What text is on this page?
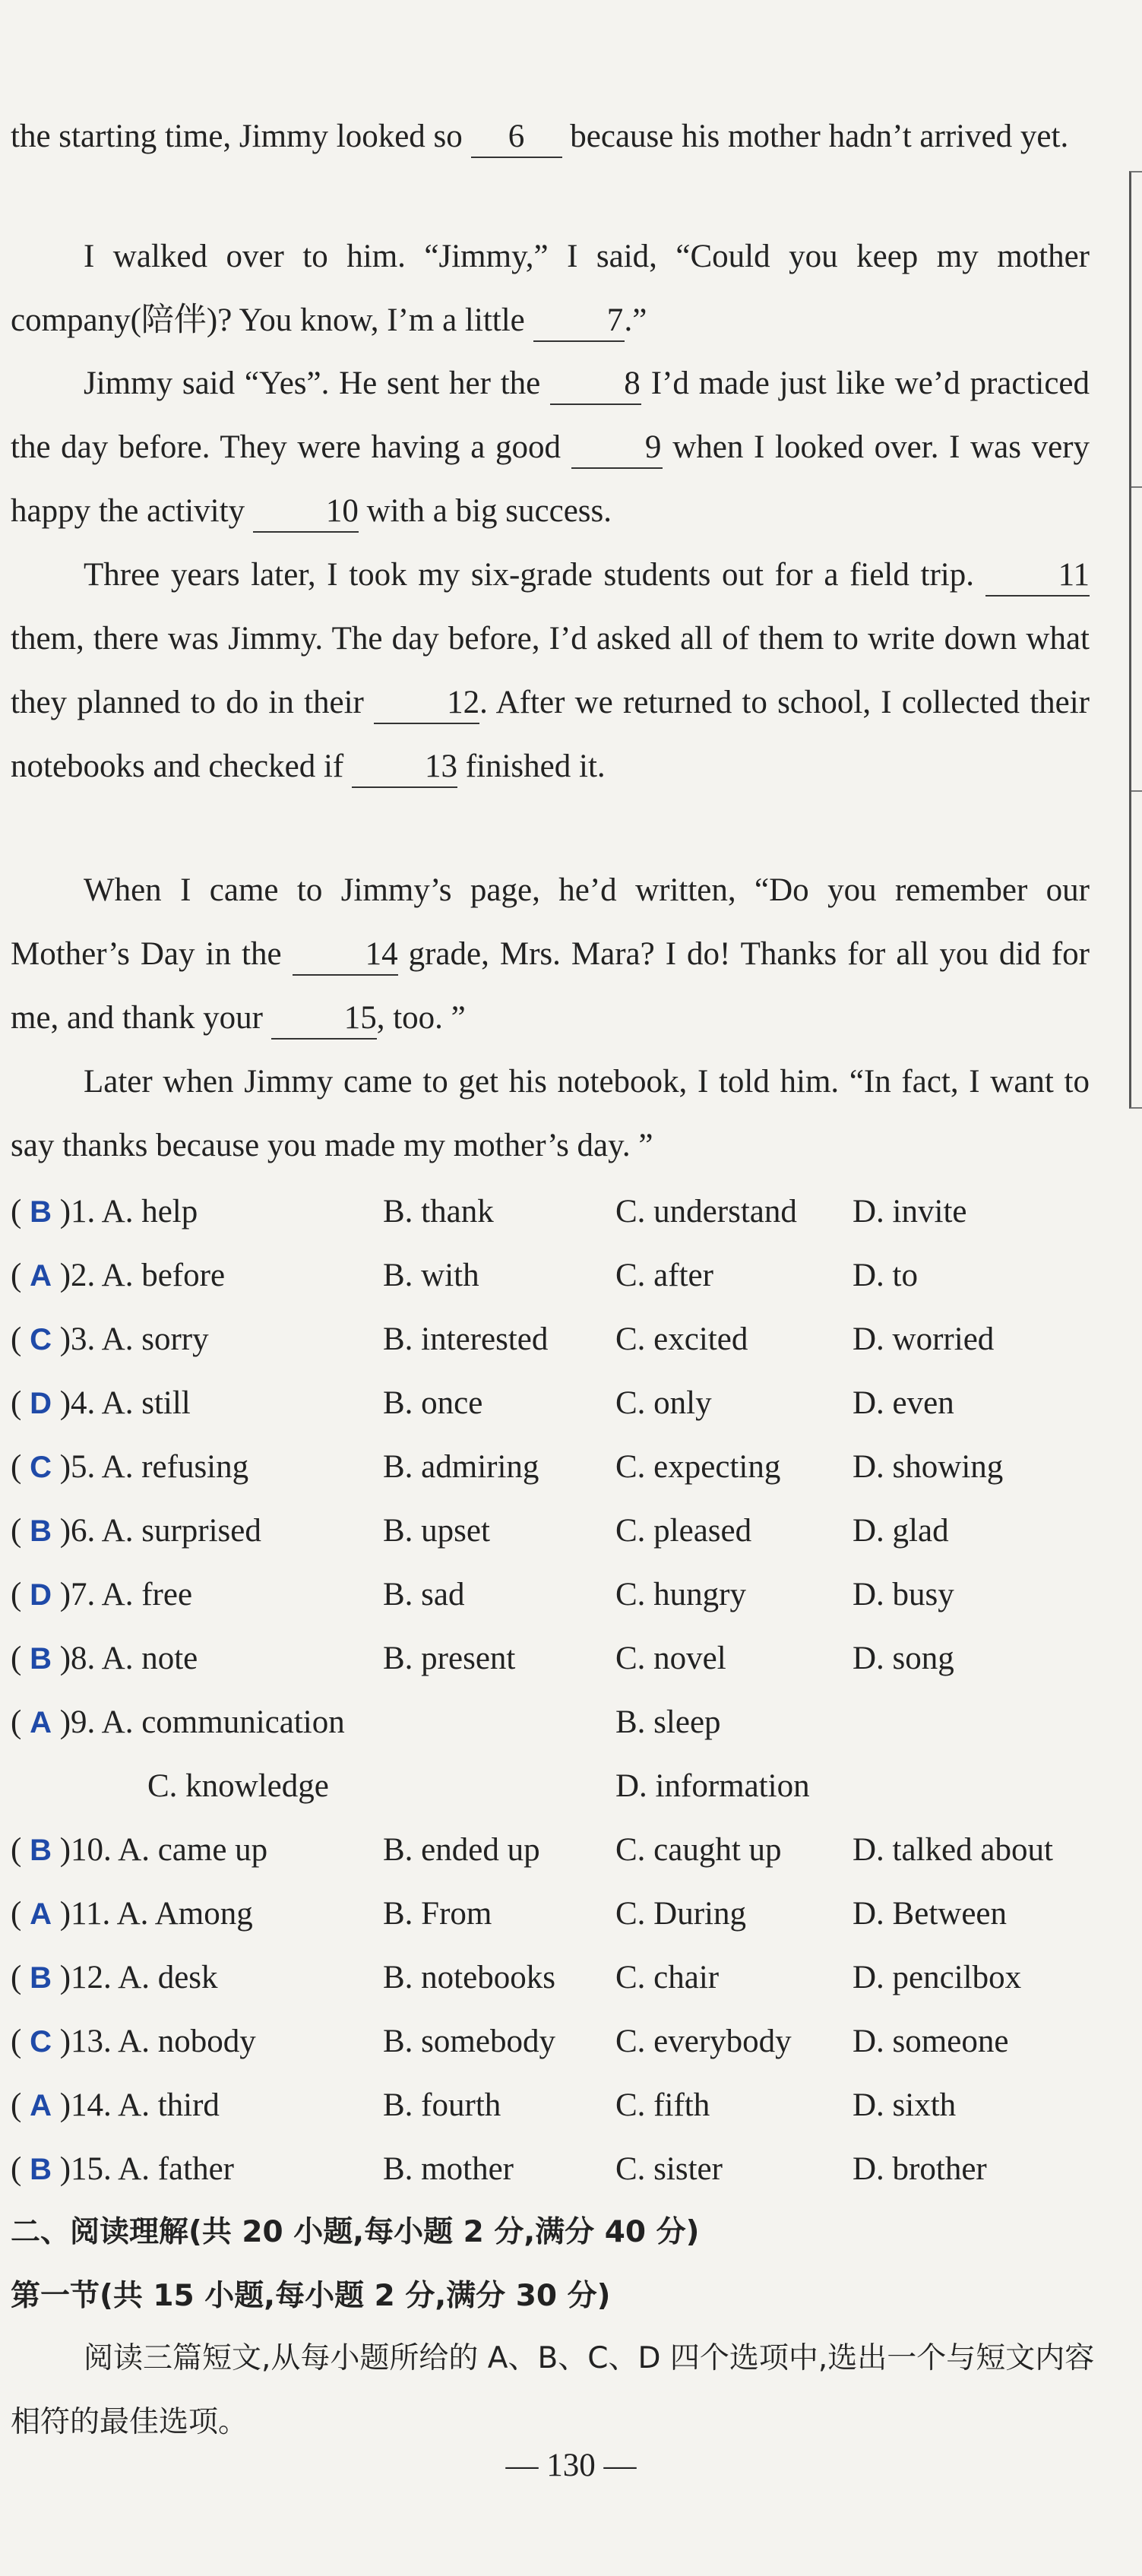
the starting time, Jimmy looked so 6 because his mother hadn’t arrived yet.
I walked over to him. “Jimmy,” I said, “Could you keep my mother company(陪伴)? You know, I’m a little 7.”
Jimmy said “Yes”. He sent her the 8 I’d made just like we’d practiced the day before. They were having a good 9 when I looked over. I was very happy the activity 10 with a big success.
Three years later, I took my six-grade students out for a field trip. 11 them, there was Jimmy. The day before, I’d asked all of them to write down what they planned to do in their 12. After we returned to school, I collected their notebooks and checked if 13 finished it.
When I came to Jimmy’s page, he’d written, “Do you remember our Mother’s Day in the 14 grade, Mrs. Mara? I do! Thanks for all you did for me, and thank your 15, too. ”
Later when Jimmy came to get his notebook, I told him. “In fact, I want to say thanks because you made my mother’s day. ”
( B )1. A. help	B. thank	C. understand D. invite
( A )2. A. before	B. with	C. after	D. to
( C )3. A. sorry	B. interested C. excited	D. worried
( D )4. A. still	B. once	C. only	D. even
( C )5. A. refusing	B. admiring C. expecting D. showing
( B )6. A. surprised	B. upset	C. pleased	D. glad
( D )7. A. free	B. sad	C. hungry	D. busy
( B )8. A. note	B. present	C. novel	D. song
( A )9. A. communication	B. sleep
C. knowledge	D. information
( B )10. A. came up	B. ended up C. caught up D. talked about
( A )11. A. Among	B. From	C. During	D. Between
( B )12. A. desk	B. notebooks C. chair	D. pencilbox
( C )13. A. nobody	B. somebody C. everybody D. someone
( A )14. A. third	B. fourth	C. fifth	D. sixth
( B )15. A. father	B. mother	C. sister	D. brother
二、阅读理解(共 20 小题,每小题 2 分,满分 40 分)
第一节(共 15 小题,每小题 2 分,满分 30 分)
阅读三篇短文,从每小题所给的 A、B、C、D 四个选项中,选出一个与短文内容相符的最佳选项。
— 130 —
